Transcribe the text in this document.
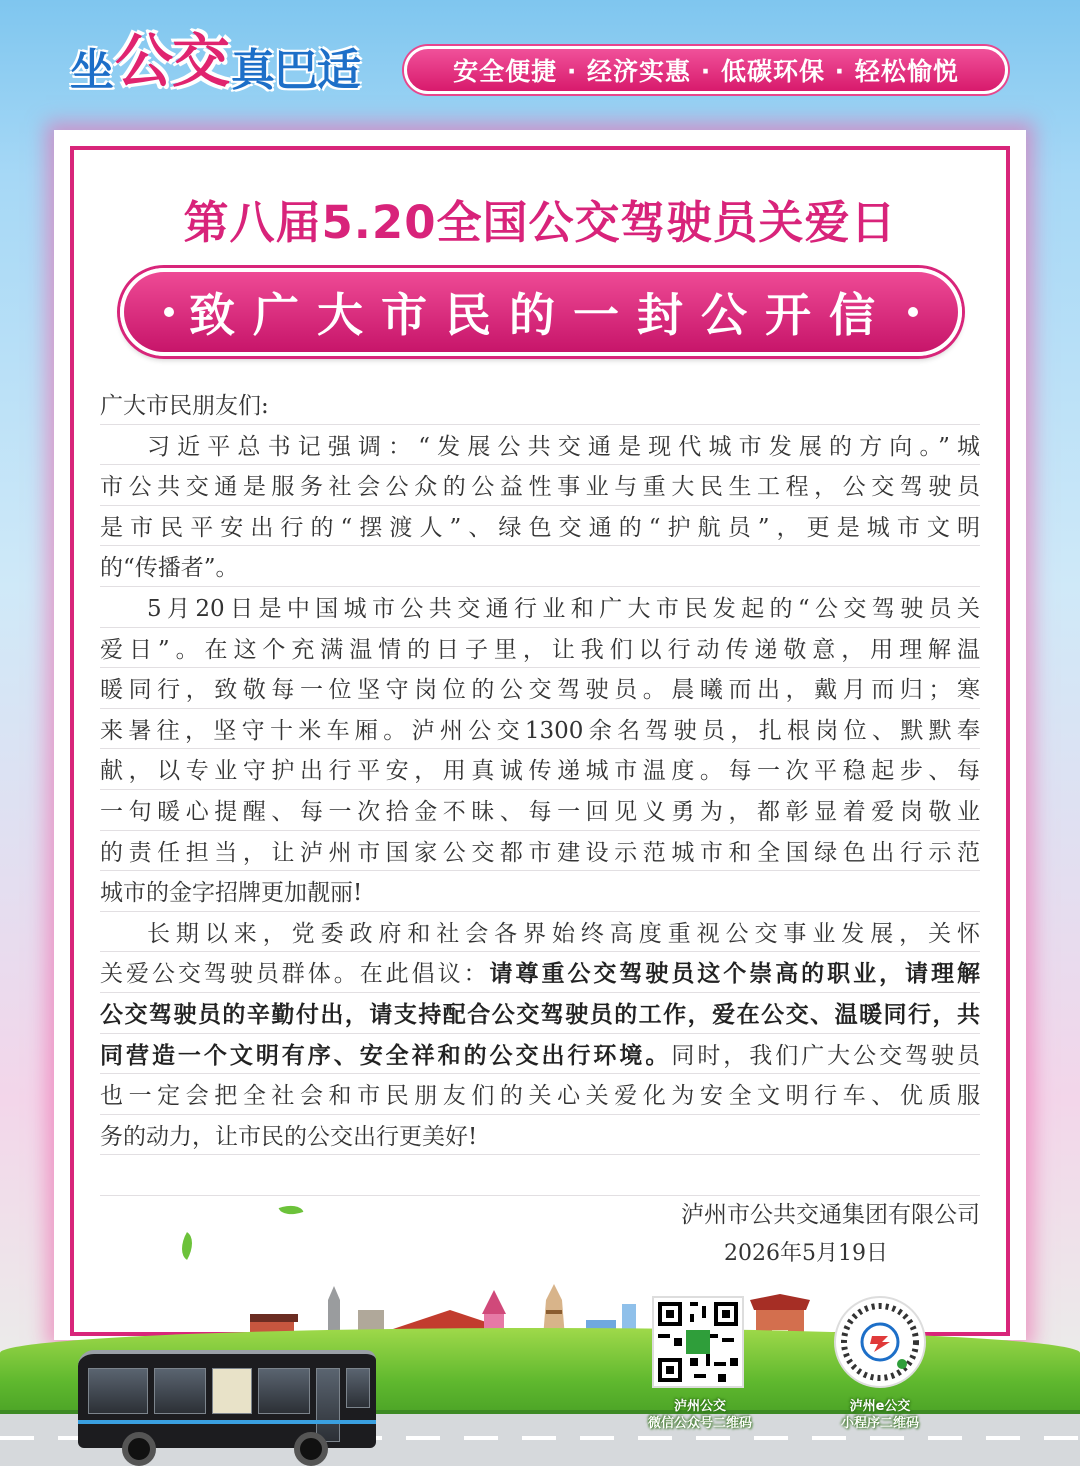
坐 公交 真巴适	安全便捷 · 经济实惠 · 低碳环保 · 轻松愉悦
第八届5.20全国公交驾驶员关爱日
致广大市民的一封公开信
广大市民朋友们:
习近平总书记强调：“发展公共交通是现代城市发展的方向。”城
市公共交通是服务社会公众的公益性事业与重大民生工程，公交驾驶员
是市民平安出行的“摆渡人”、绿色交通的“护航员”，更是城市文明
的“传播者”。
5月20日是中国城市公共交通行业和广大市民发起的“公交驾驶员关
爱日”。在这个充满温情的日子里，让我们以行动传递敬意，用理解温
暖同行，致敬每一位坚守岗位的公交驾驶员。晨曦而出，戴月而归；寒
来暑往，坚守十米车厢。泸州公交1300余名驾驶员，扎根岗位、默默奉
献，以专业守护出行平安，用真诚传递城市温度。每一次平稳起步、每
一句暖心提醒、每一次拾金不昧、每一回见义勇为，都彰显着爱岗敬业
的责任担当，让泸州市国家公交都市建设示范城市和全国绿色出行示范
城市的金字招牌更加靓丽!
长期以来，党委政府和社会各界始终高度重视公交事业发展，关怀
关爱公交驾驶员群体。在此倡议：请尊重公交驾驶员这个崇高的职业，请理解
公交驾驶员的辛勤付出，请支持配合公交驾驶员的工作，爱在公交、温暖同行，共
同营造一个文明有序、安全祥和的公交出行环境。同时，我们广大公交驾驶员
也一定会把全社会和市民朋友们的关心关爱化为安全文明行车、优质服
务的动力，让市民的公交出行更美好!
泸州市公共交通集团有限公司
2026年5月19日
泸州公交
微信公众号二维码
泸州e公交
小程序二维码
